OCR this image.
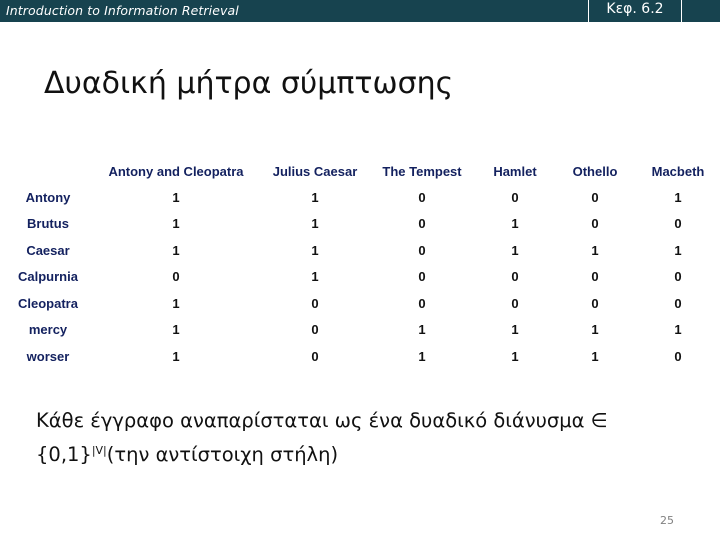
Introduction to Information Retrieval	Κεφ. 6.2
Δυαδική μήτρα σύμπτωσης
	Antony and Cleopatra	Julius Caesar	The Tempest	Hamlet	Othello	Macbeth
Antony	1	1	0	0	0	1
Brutus	1	1	0	1	0	0
Caesar	1	1	0	1	1	1
Calpurnia	0	1	0	0	0	0
Cleopatra	1	0	0	0	0	0
mercy	1	0	1	1	1	1
worser	1	0	1	1	1	0
Κάθε έγγραφο αναπαρίσταται ως ένα δυαδικό διάνυσμα ∈ $\{0,1\}^{|V|}(\tau\eta\nu$ αντίστοιχη στήλη)
25
